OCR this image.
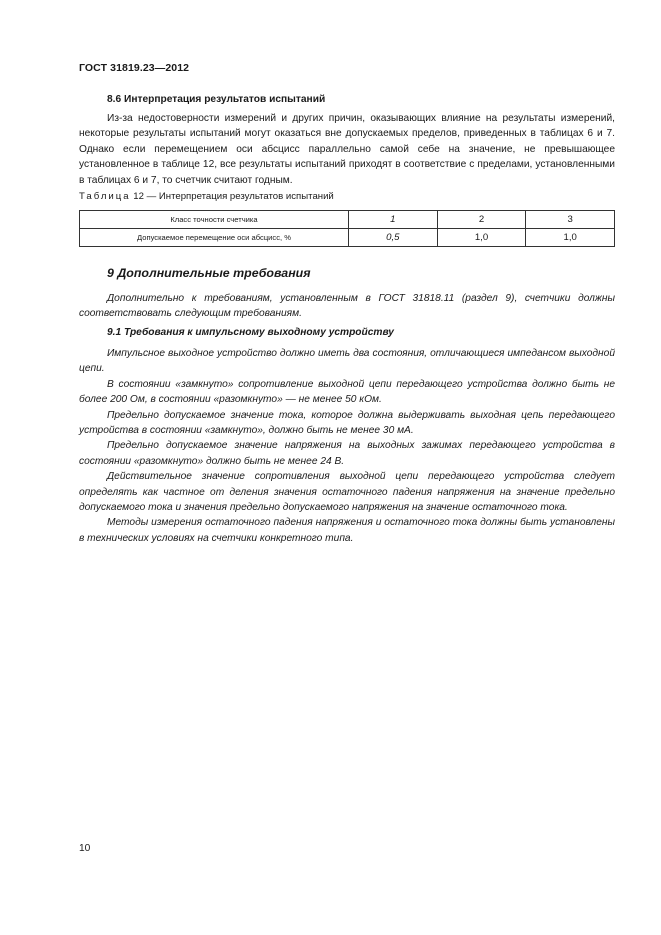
ГОСТ 31819.23—2012
8.6 Интерпретация результатов испытаний
Из-за недостоверности измерений и других причин, оказывающих влияние на результаты измерений, некоторые результаты испытаний могут оказаться вне допускаемых пределов, приведенных в таблицах 6 и 7. Однако если перемещением оси абсцисс параллельно самой себе на значение, не превышающее установленное в таблице 12, все результаты испытаний приходят в соответствие с пределами, установленными в таблицах 6 и 7, то счетчик считают годным.
Таблица 12 — Интерпретация результатов испытаний
Класс точности счетчика	1	2	3
Допускаемое перемещение оси абсцисс, %	0,5	1,0	1,0
9 Дополнительные требования
Дополнительно к требованиям, установленным в ГОСТ 31818.11 (раздел 9), счетчики должны соответствовать следующим требованиям.
9.1 Требования к импульсному выходному устройству

Импульсное выходное устройство должно иметь два состояния, отличающиеся импедансом выходной цепи.

В состоянии «замкнуто» сопротивление выходной цепи передающего устройства должно быть не более 200 Ом, в состоянии «разомкнуто» — не менее 50 кОм.

Предельно допускаемое значение тока, которое должна выдерживать выходная цепь передающего устройства в состоянии «замкнуто», должно быть не менее 30 мА.

Предельно допускаемое значение напряжения на выходных зажимах передающего устройства в состоянии «разомкнуто» должно быть не менее 24 В.

Действительное значение сопротивления выходной цепи передающего устройства следует определять как частное от деления значения остаточного падения напряжения на значение предельно допускаемого тока и значения предельно допускаемого напряжения на значение остаточного тока.

Методы измерения остаточного падения напряжения и остаточного тока должны быть установлены в технических условиях на счетчики конкретного типа.

10
